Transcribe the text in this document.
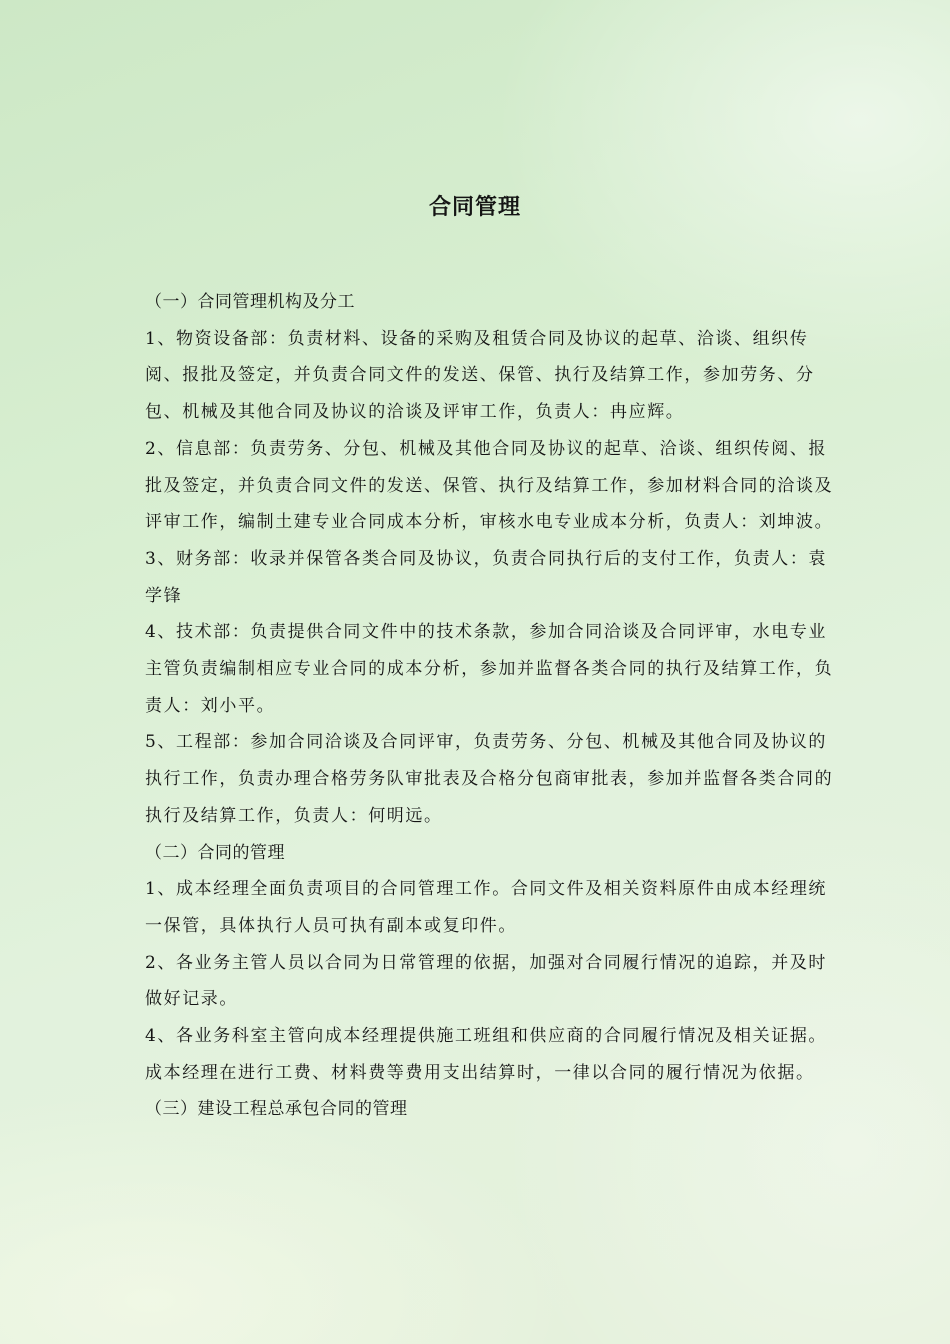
合同管理

（一）合同管理机构及分工

1、物资设备部：负责材料、设备的采购及租赁合同及协议的起草、洽谈、组织传阅、报批及签定，并负责合同文件的发送、保管、执行及结算工作，参加劳务、分包、机械及其他合同及协议的洽谈及评审工作，负责人：冉应辉。

2、信息部：负责劳务、分包、机械及其他合同及协议的起草、洽谈、组织传阅、报批及签定，并负责合同文件的发送、保管、执行及结算工作，参加材料合同的洽谈及评审工作，编制土建专业合同成本分析，审核水电专业成本分析，负责人：刘坤波。

3、财务部：收录并保管各类合同及协议，负责合同执行后的支付工作，负责人：袁学锋

4、技术部：负责提供合同文件中的技术条款，参加合同洽谈及合同评审，水电专业主管负责编制相应专业合同的成本分析，参加并监督各类合同的执行及结算工作，负责人：刘小平。

5、工程部：参加合同洽谈及合同评审，负责劳务、分包、机械及其他合同及协议的执行工作，负责办理合格劳务队审批表及合格分包商审批表，参加并监督各类合同的执行及结算工作，负责人：何明远。

（二）合同的管理

1、成本经理全面负责项目的合同管理工作。合同文件及相关资料原件由成本经理统一保管，具体执行人员可执有副本或复印件。

2、各业务主管人员以合同为日常管理的依据，加强对合同履行情况的追踪，并及时做好记录。

4、各业务科室主管向成本经理提供施工班组和供应商的合同履行情况及相关证据。成本经理在进行工费、材料费等费用支出结算时，一律以合同的履行情况为依据。

（三）建设工程总承包合同的管理
